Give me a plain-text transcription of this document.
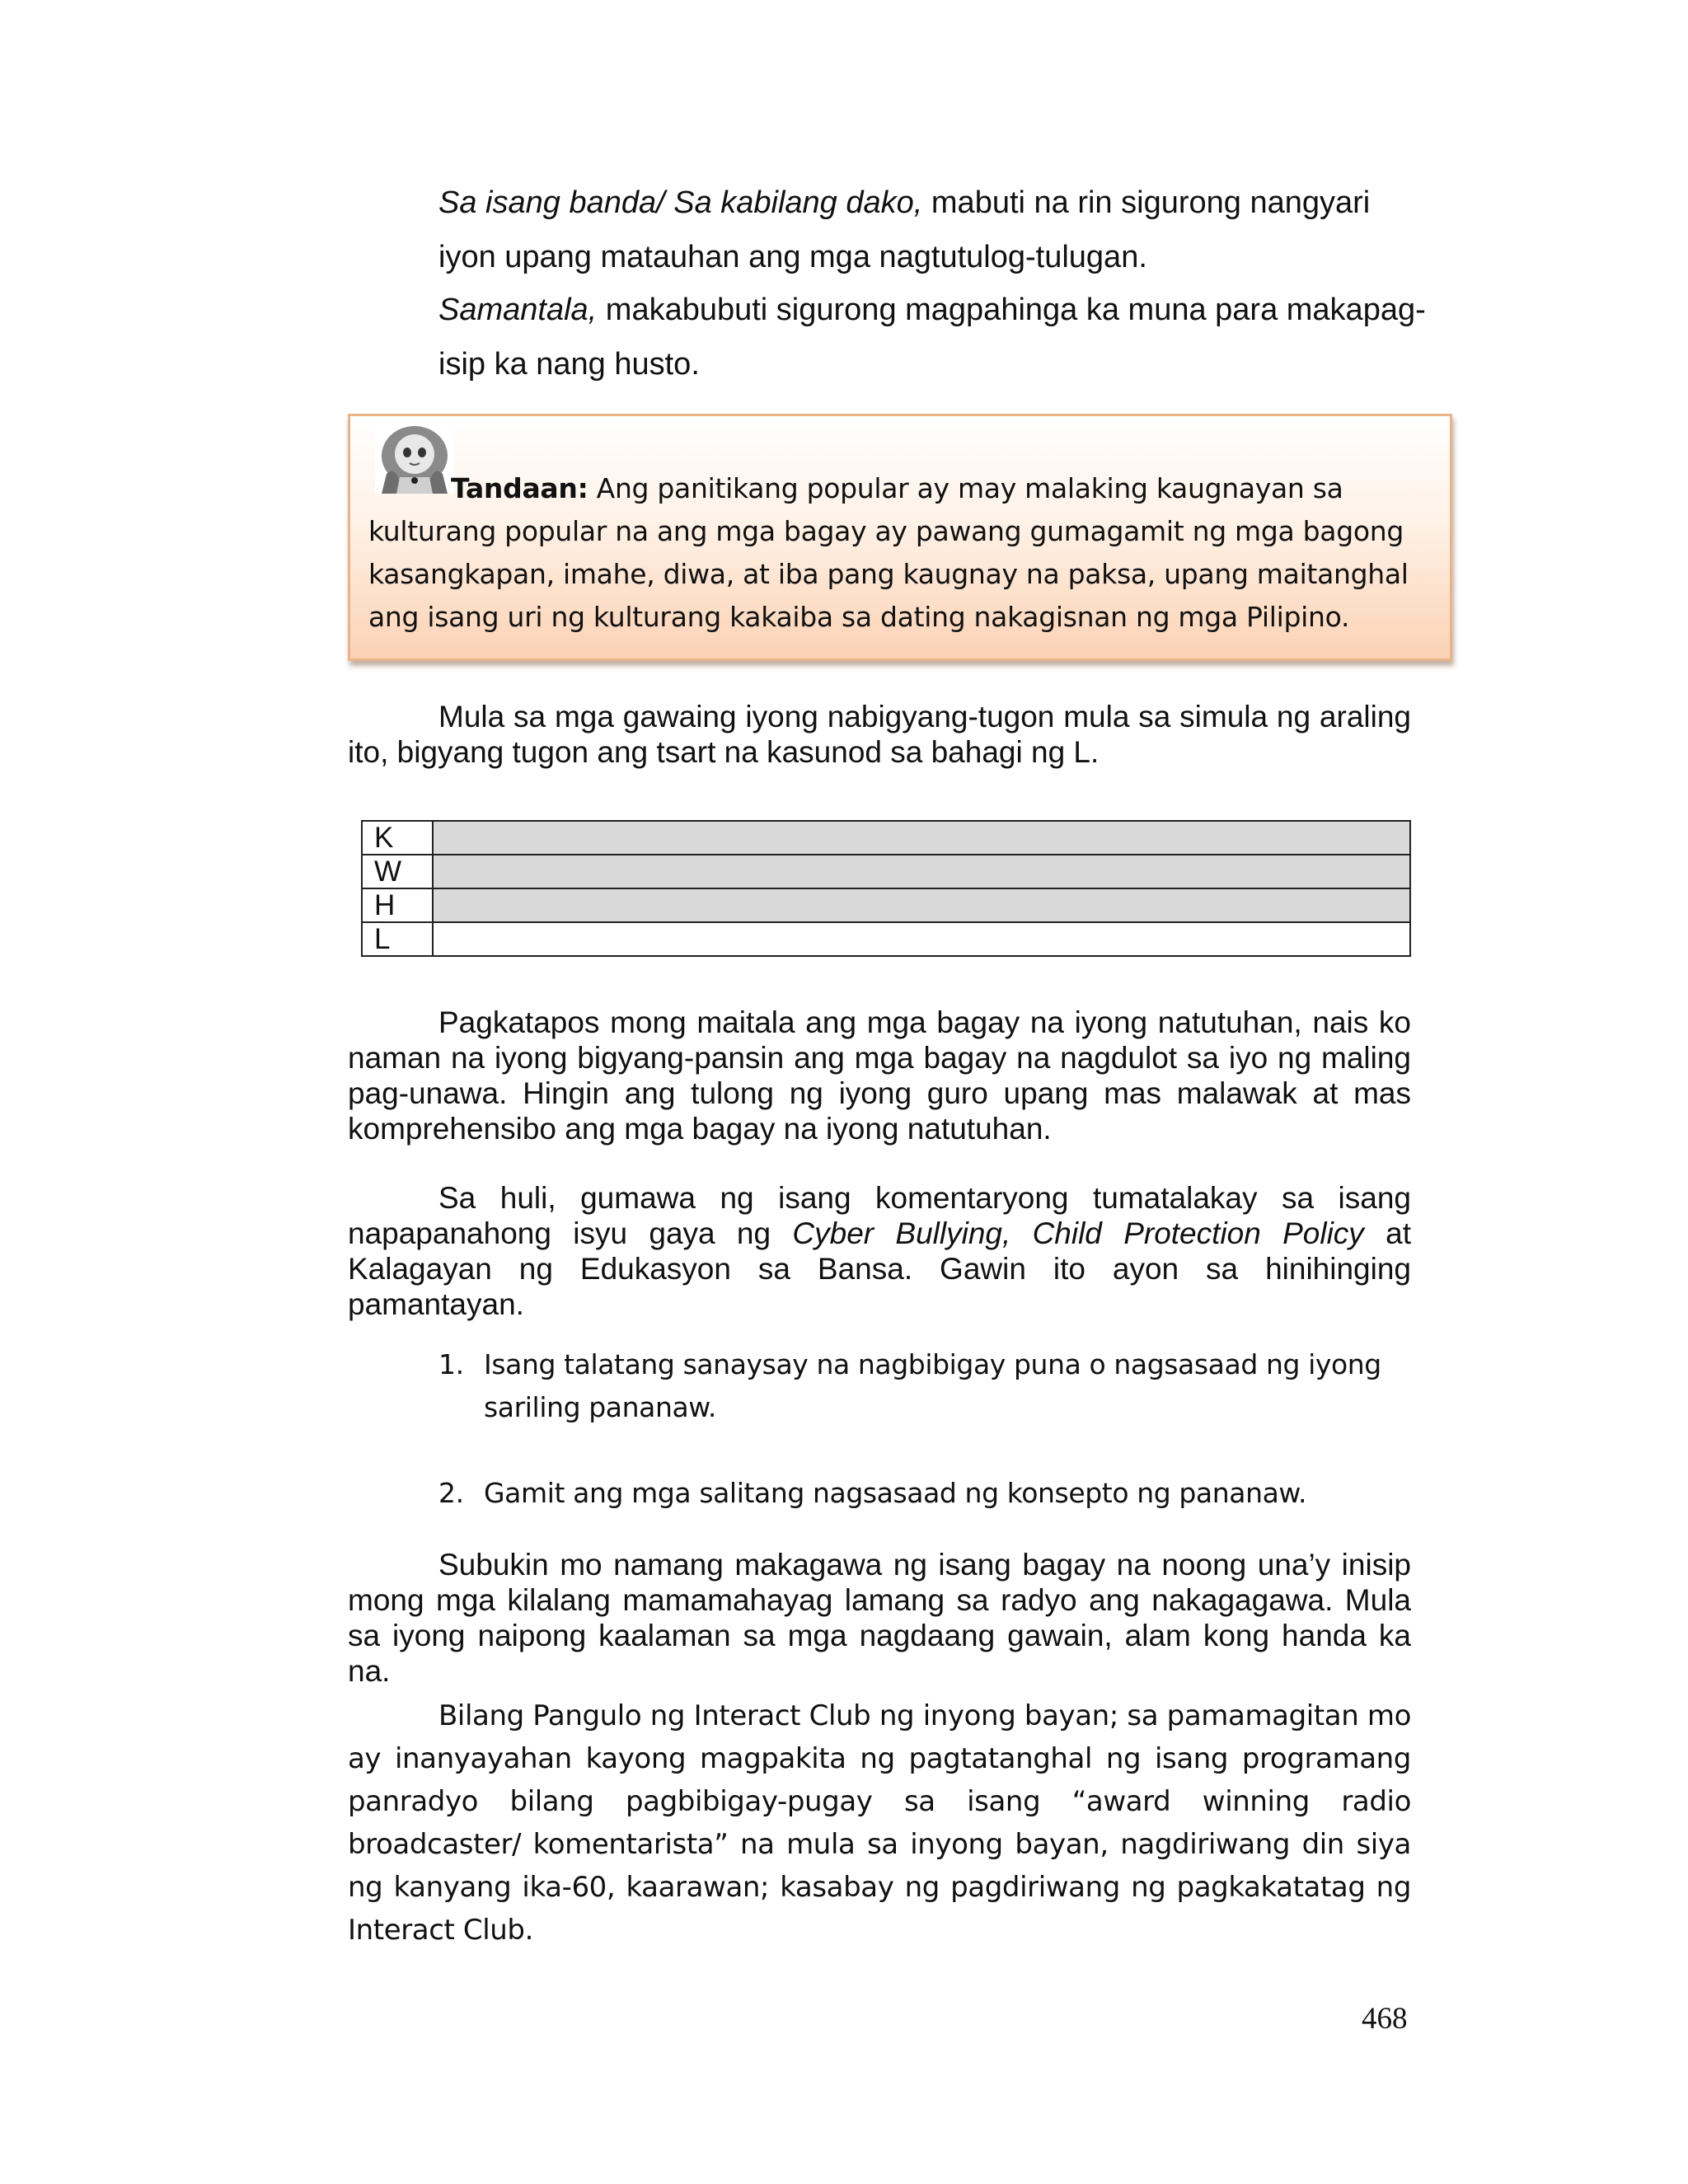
Sa isang banda/ Sa kabilang dako, mabuti na rin sigurong nangyari
iyon upang matauhan ang mga nagtutulog-tulugan.
Samantala, makabubuti sigurong magpahinga ka muna para makapag-
isip ka nang husto.
Tandaan: Ang panitikang popular ay may malaking kaugnayan sa
kulturang popular na ang mga bagay ay pawang gumagamit ng mga bagong
kasangkapan, imahe, diwa, at iba pang kaugnay na paksa, upang maitanghal
ang isang uri ng kulturang kakaiba sa dating nakagisnan ng mga Pilipino.
Mula sa mga gawaing iyong nabigyang-tugon mula sa simula ng araling ito, bigyang tugon ang tsart na kasunod sa bahagi ng L.
K	
W	
H	
L	
Pagkatapos mong maitala ang mga bagay na iyong natutuhan, nais ko naman na iyong bigyang-pansin ang mga bagay na nagdulot sa iyo ng maling pag-unawa. Hingin ang tulong ng iyong guro upang mas malawak at mas komprehensibo ang mga bagay na iyong natutuhan.
Sa huli, gumawa ng isang komentaryong tumatalakay sa isang napapanahong isyu gaya ng Cyber Bullying, Child Protection Policy at Kalagayan ng Edukasyon sa Bansa. Gawin ito ayon sa hinihinging pamantayan.
1. Isang talatang sanaysay na nagbibigay puna o nagsasaad ng iyong sariling pananaw.
2. Gamit ang mga salitang nagsasaad ng konsepto ng pananaw.
Subukin mo namang makagawa ng isang bagay na noong una’y inisip mong mga kilalang mamamahayag lamang sa radyo ang nakagagawa. Mula sa iyong naipong kaalaman sa mga nagdaang gawain, alam kong handa ka na.
Bilang Pangulo ng Interact Club ng inyong bayan; sa pamamagitan mo ay inanyayahan kayong magpakita ng pagtatanghal ng isang programang panradyo bilang pagbibigay-pugay sa isang “award winning radio broadcaster/ komentarista” na mula sa inyong bayan, nagdiriwang din siya ng kanyang ika-60, kaarawan; kasabay ng pagdiriwang ng pagkakatatag ng Interact Club.
468
